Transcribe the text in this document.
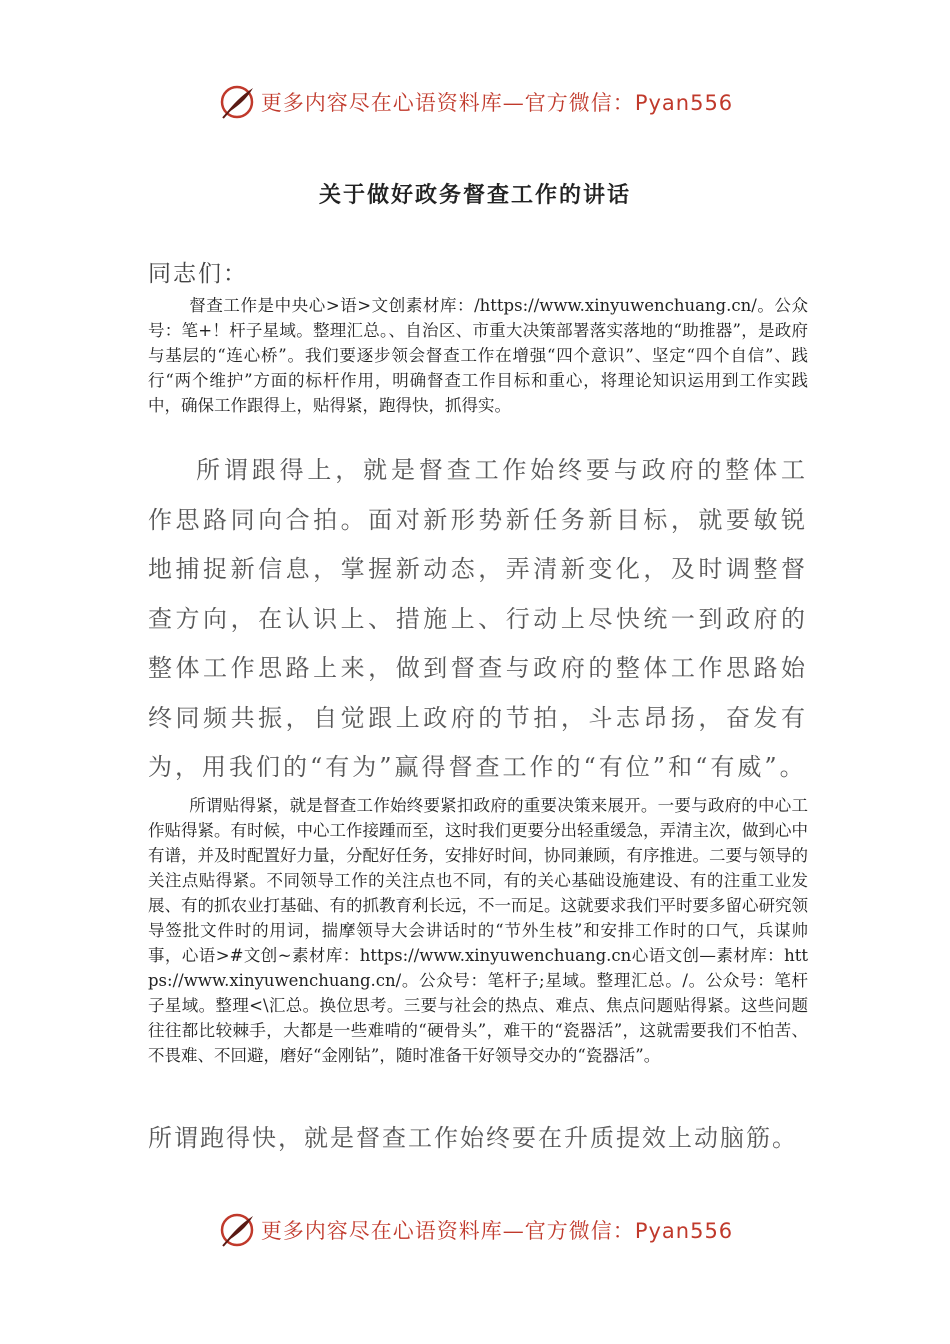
更多内容尽在心语资料库—官方微信：Pyan556
关于做好政务督查工作的讲话
同志们：

督查工作是中央心>语>文创素材库：/https://www.xinyuwenchuang.cn/。公众号：笔+！杆子星域。整理汇总。、自治区、市重大决策部署落实落地的“助推器”，是政府与基层的“连心桥”。我们要逐步领会督查工作在增强“四个意识”、坚定“四个自信”、践行“两个维护”方面的标杆作用，明确督查工作目标和重心，将理论知识运用到工作实践中，确保工作跟得上，贴得紧，跑得快，抓得实。

所谓跟得上，就是督查工作始终要与政府的整体工作思路同向合拍。面对新形势新任务新目标，就要敏锐地捕捉新信息，掌握新动态，弄清新变化，及时调整督查方向，在认识上、措施上、行动上尽快统一到政府的整体工作思路上来，做到督查与政府的整体工作思路始终同频共振，自觉跟上政府的节拍，斗志昂扬，奋发有为，用我们的“有为”赢得督查工作的“有位”和“有威”。

所谓贴得紧，就是督查工作始终要紧扣政府的重要决策来展开。一要与政府的中心工作贴得紧。有时候，中心工作接踵而至，这时我们更要分出轻重缓急，弄清主次，做到心中有谱，并及时配置好力量，分配好任务，安排好时间，协同兼顾，有序推进。二要与领导的关注点贴得紧。不同领导工作的关注点也不同，有的关心基础设施建设、有的注重工业发展、有的抓农业打基础、有的抓教育利长远，不一而足。这就要求我们平时要多留心研究领导签批文件时的用词，揣摩领导大会讲话时的“节外生枝”和安排工作时的口气，兵谋帅事，心语>#文创~素材库：https://www.xinyuwenchuang.cn心语文创—素材库：https://www.xinyuwenchuang.cn/。公众号：笔杆子;星域。整理汇总。/。公众号：笔杆子星域。整理<\汇总。换位思考。三要与社会的热点、难点、焦点问题贴得紧。这些问题往往都比较棘手，大都是一些难啃的“硬骨头”，难干的“瓷器活”，这就需要我们不怕苦、不畏难、不回避，磨好“金刚钻”，随时准备干好领导交办的“瓷器活”。

所谓跑得快，就是督查工作始终要在升质提效上动脑筋。

更多内容尽在心语资料库—官方微信：Pyan556
